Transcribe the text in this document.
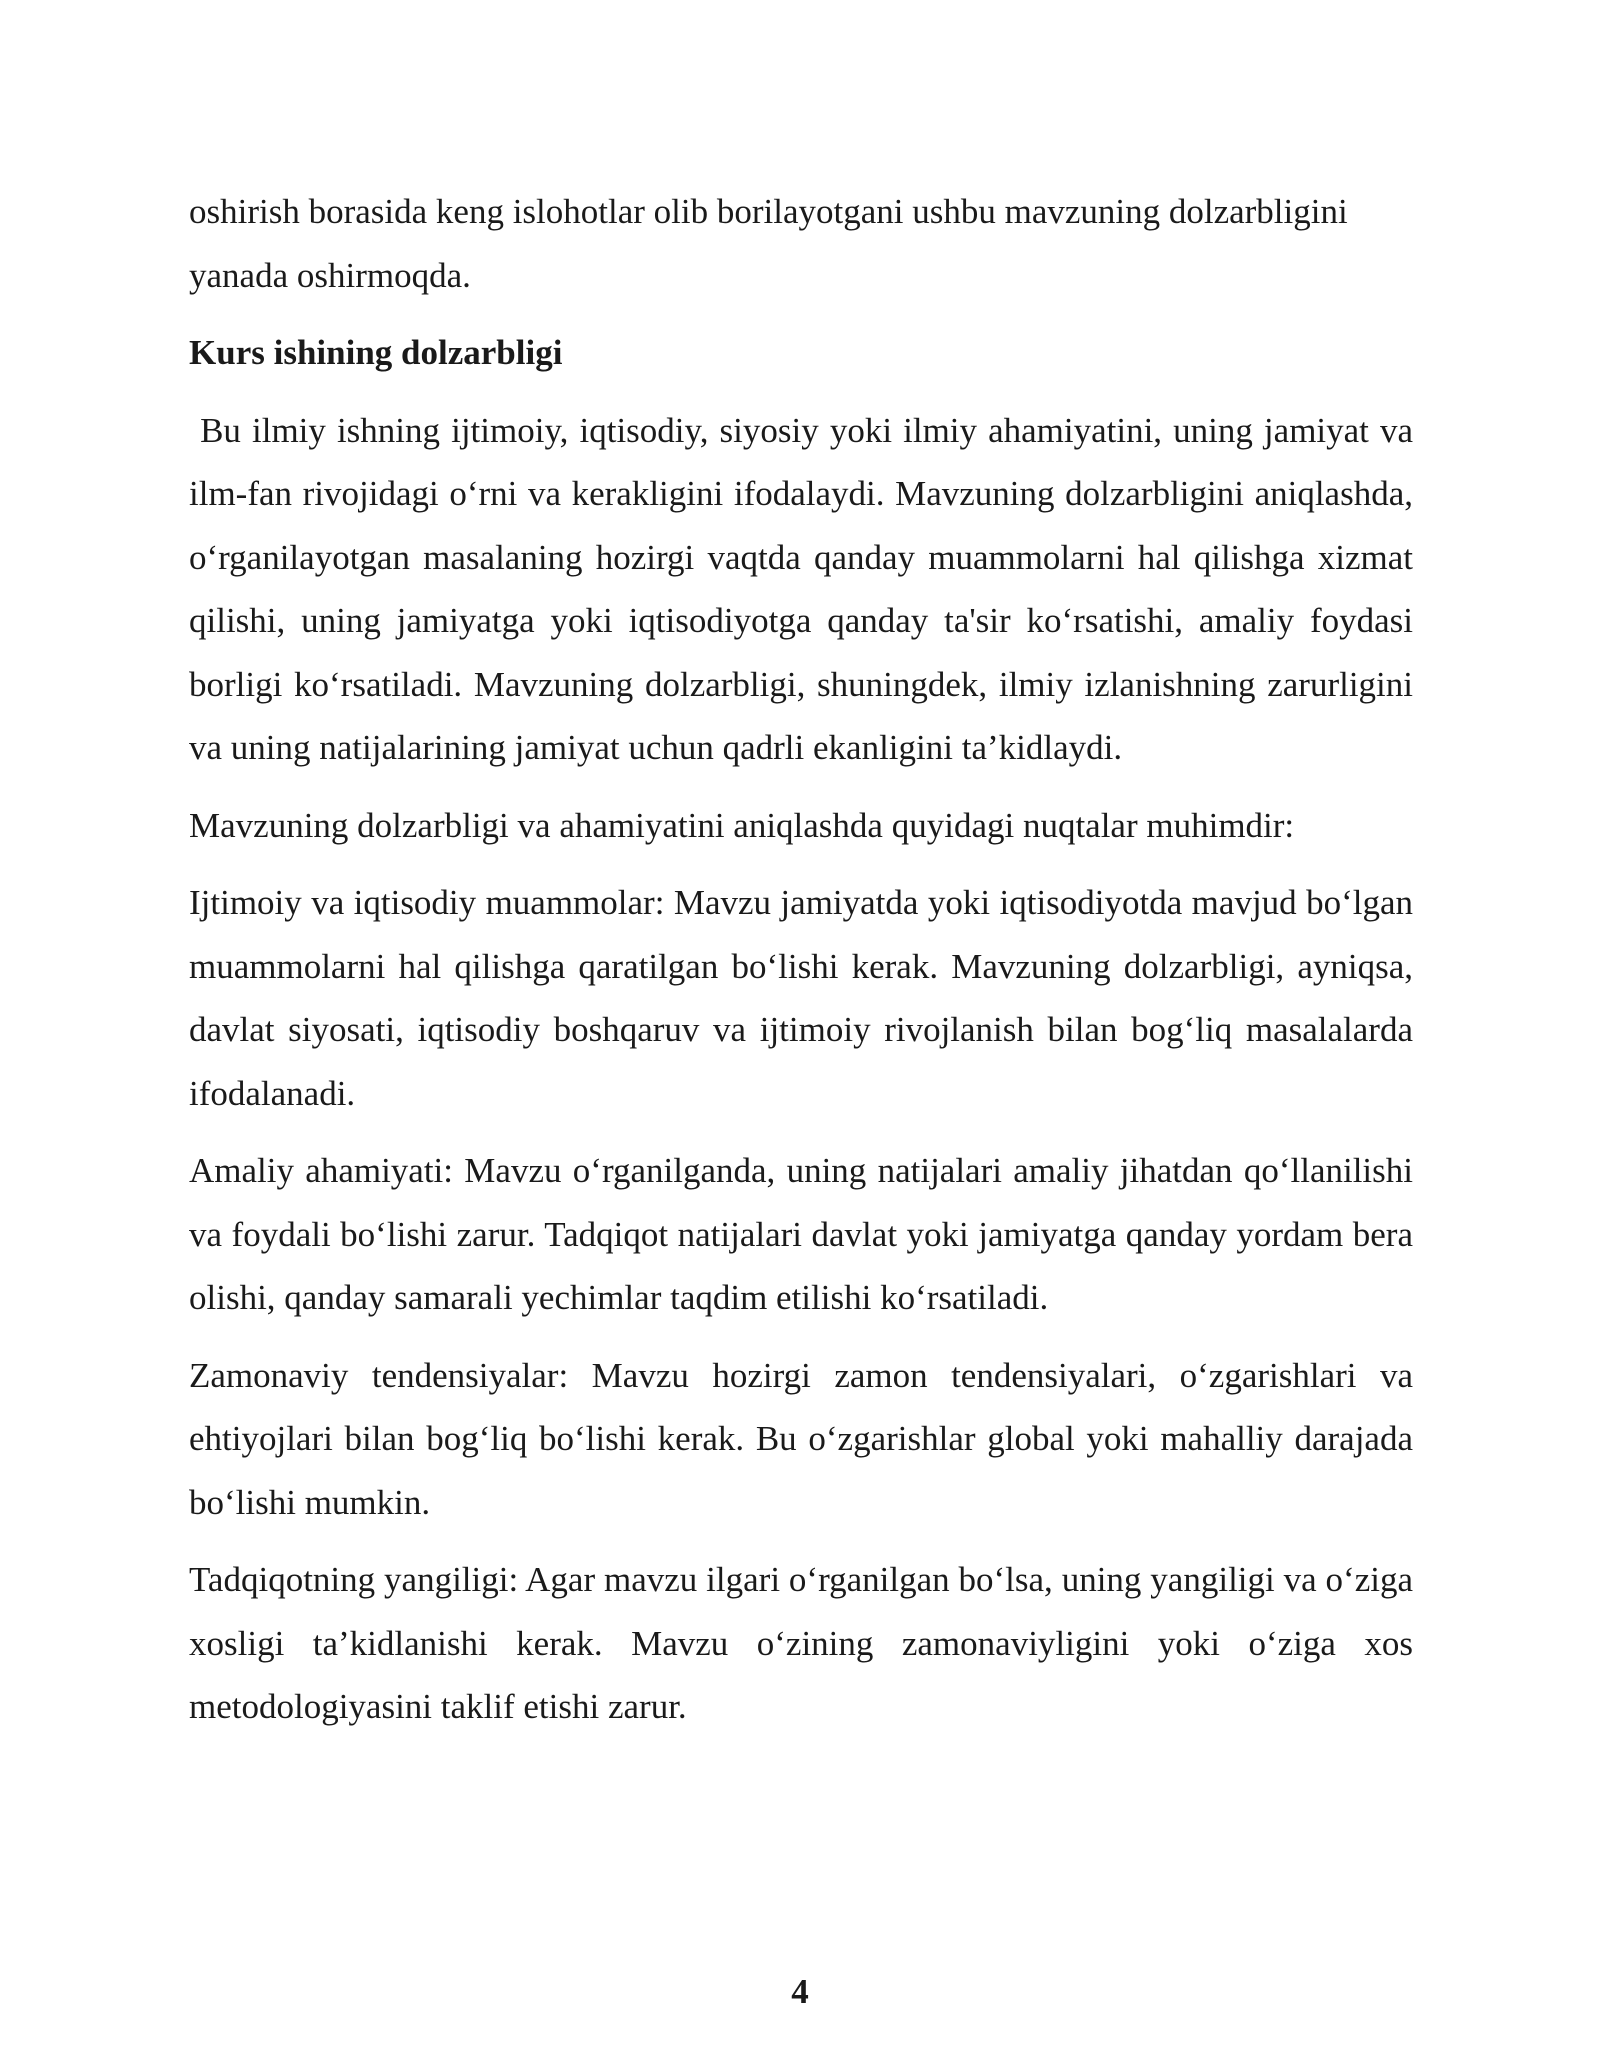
oshirish borasida keng islohotlar olib borilayotgani ushbu mavzuning dolzarbligini yanada oshirmoqda.

Kurs ishining dolzarbligi

Bu ilmiy ishning ijtimoiy, iqtisodiy, siyosiy yoki ilmiy ahamiyatini, uning jamiyat va ilm-fan rivojidagi oʻrni va kerakligini ifodalaydi. Mavzuning dolzarbligini aniqlashda, oʻrganilayotgan masalaning hozirgi vaqtda qanday muammolarni hal qilishga xizmat qilishi, uning jamiyatga yoki iqtisodiyotga qanday ta'sir koʻrsatishi, amaliy foydasi borligi koʻrsatiladi. Mavzuning dolzarbligi, shuningdek, ilmiy izlanishning zarurligini va uning natijalarining jamiyat uchun qadrli ekanligini ta’kidlaydi.

Mavzuning dolzarbligi va ahamiyatini aniqlashda quyidagi nuqtalar muhimdir:

Ijtimoiy va iqtisodiy muammolar: Mavzu jamiyatda yoki iqtisodiyotda mavjud boʻlgan muammolarni hal qilishga qaratilgan boʻlishi kerak. Mavzuning dolzarbligi, ayniqsa, davlat siyosati, iqtisodiy boshqaruv va ijtimoiy rivojlanish bilan bogʻliq masalalarda ifodalanadi.

Amaliy ahamiyati: Mavzu oʻrganilganda, uning natijalari amaliy jihatdan qoʻllanilishi va foydali boʻlishi zarur. Tadqiqot natijalari davlat yoki jamiyatga qanday yordam bera olishi, qanday samarali yechimlar taqdim etilishi koʻrsatiladi.

Zamonaviy tendensiyalar: Mavzu hozirgi zamon tendensiyalari, oʻzgarishlari va ehtiyojlari bilan bogʻliq boʻlishi kerak. Bu oʻzgarishlar global yoki mahalliy darajada boʻlishi mumkin.

Tadqiqotning yangiligi: Agar mavzu ilgari oʻrganilgan boʻlsa, uning yangiligi va oʻziga xosligi ta’kidlanishi kerak. Mavzu oʻzining zamonaviyligini yoki oʻziga xos metodologiyasini taklif etishi zarur.

4
